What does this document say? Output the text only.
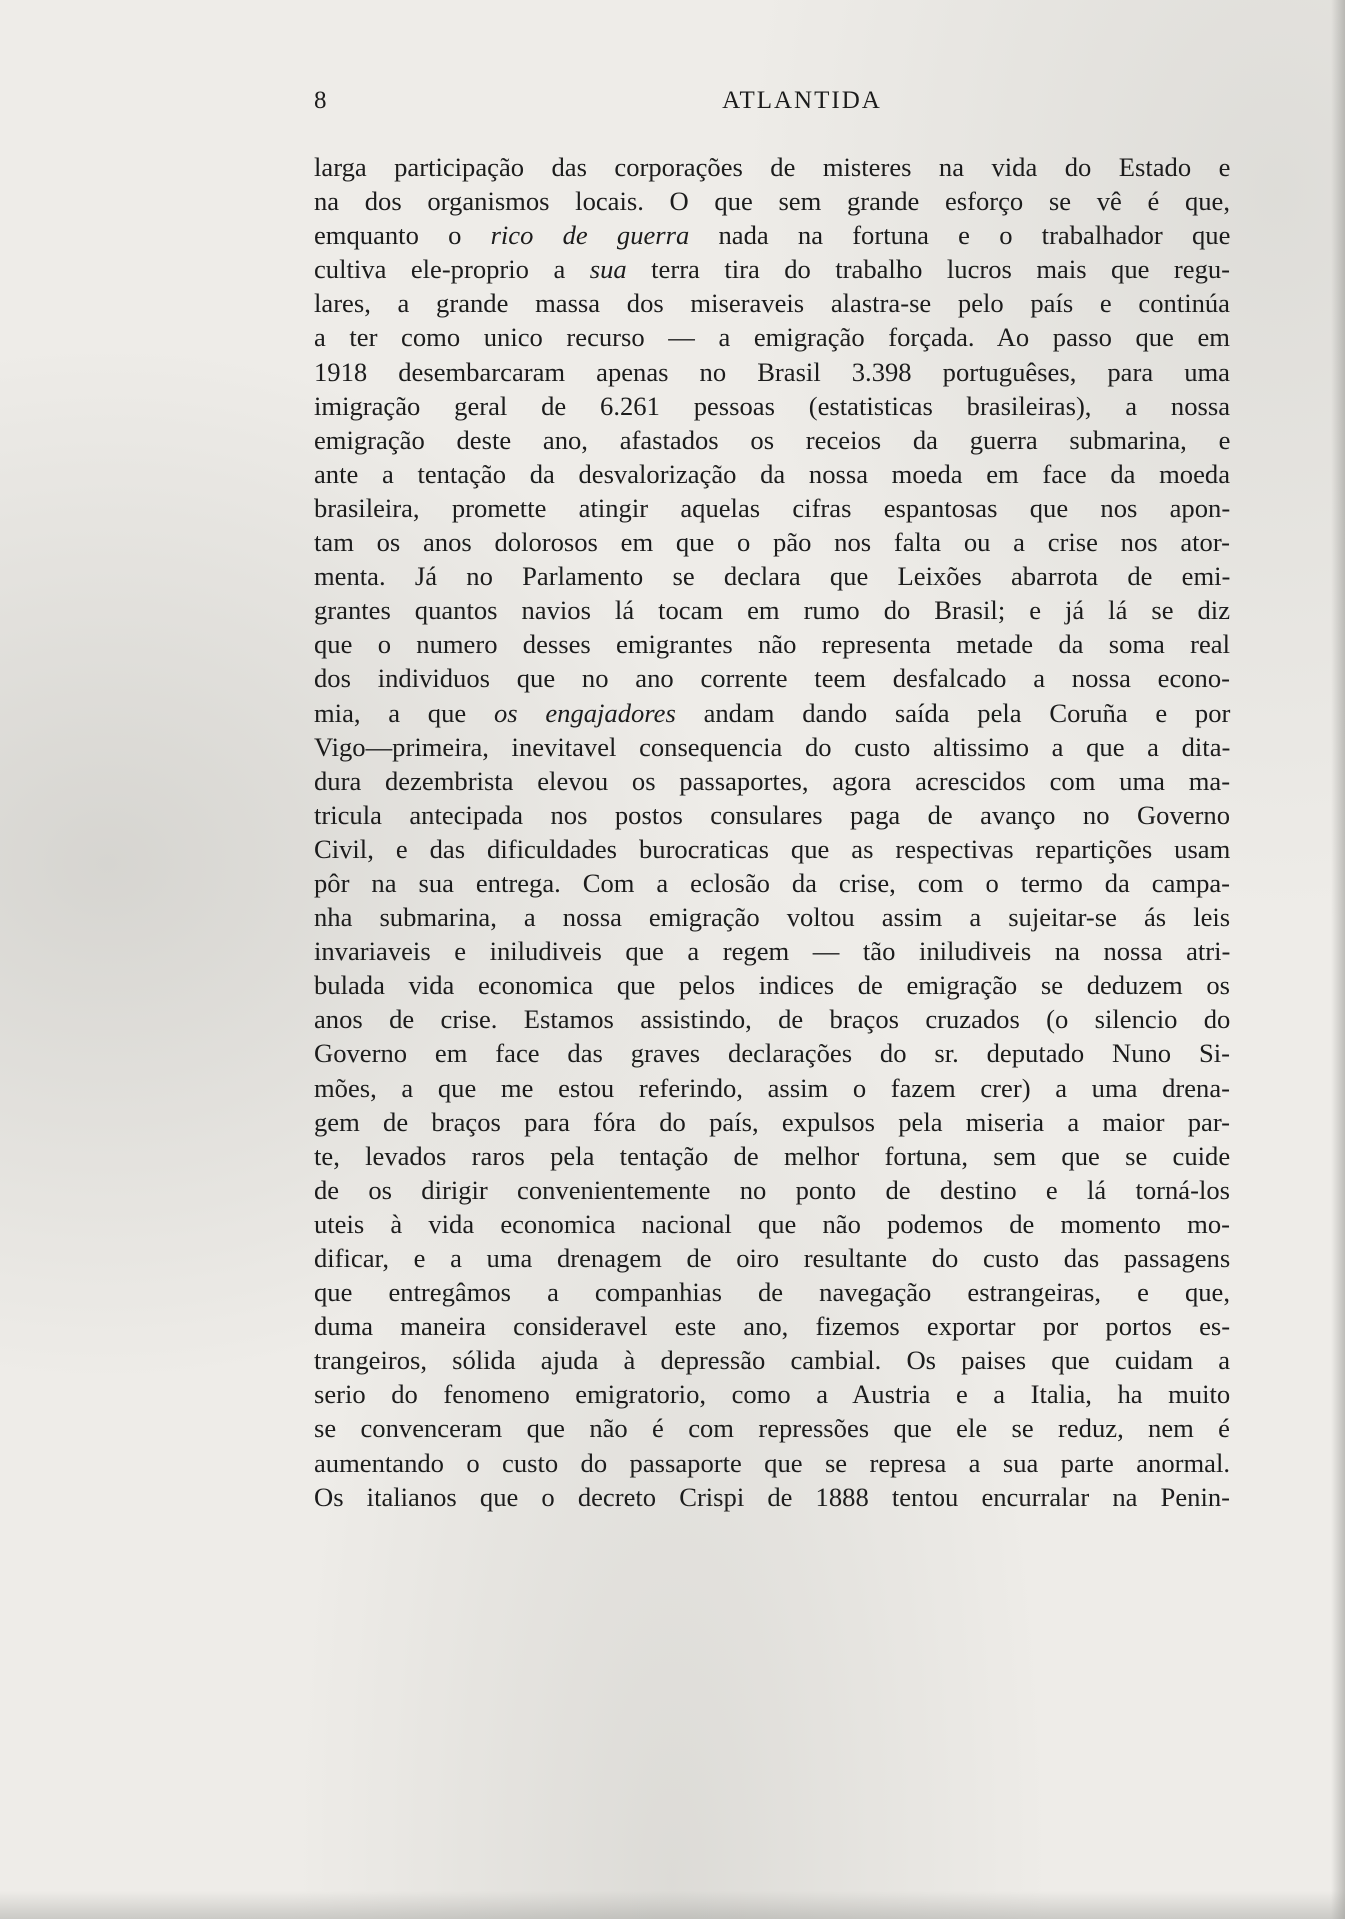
8	ATLANTIDA
larga participação das corporações de misteres na vida do Estado e
na dos organismos locais. O que sem grande esforço se vê é que,
emquanto o rico de guerra nada na fortuna e o trabalhador que
cultiva ele-proprio a sua terra tira do trabalho lucros mais que regu-
lares, a grande massa dos miseraveis alastra-se pelo país e continúa
a ter como unico recurso — a emigração forçada. Ao passo que em
1918 desembarcaram apenas no Brasil 3.398 portuguêses, para uma
imigração geral de 6.261 pessoas (estatisticas brasileiras), a nossa
emigração deste ano, afastados os receios da guerra submarina, e
ante a tentação da desvalorização da nossa moeda em face da moeda
brasileira, promette atingir aquelas cifras espantosas que nos apon-
tam os anos dolorosos em que o pão nos falta ou a crise nos ator-
menta. Já no Parlamento se declara que Leixões abarrota de emi-
grantes quantos navios lá tocam em rumo do Brasil; e já lá se diz
que o numero desses emigrantes não representa metade da soma real
dos individuos que no ano corrente teem desfalcado a nossa econo-
mia, a que os engajadores andam dando saída pela Coruña e por
Vigo—primeira, inevitavel consequencia do custo altissimo a que a dita-
dura dezembrista elevou os passaportes, agora acrescidos com uma ma-
tricula antecipada nos postos consulares paga de avanço no Governo
Civil, e das dificuldades burocraticas que as respectivas repartições usam
pôr na sua entrega. Com a eclosão da crise, com o termo da campa-
nha submarina, a nossa emigração voltou assim a sujeitar-se ás leis
invariaveis e iniludiveis que a regem — tão iniludiveis na nossa atri-
bulada vida economica que pelos indices de emigração se deduzem os
anos de crise. Estamos assistindo, de braços cruzados (o silencio do
Governo em face das graves declarações do sr. deputado Nuno Si-
mões, a que me estou referindo, assim o fazem crer) a uma drena-
gem de braços para fóra do país, expulsos pela miseria a maior par-
te, levados raros pela tentação de melhor fortuna, sem que se cuide
de os dirigir convenientemente no ponto de destino e lá torná-los
uteis à vida economica nacional que não podemos de momento mo-
dificar, e a uma drenagem de oiro resultante do custo das passagens
que entregâmos a companhias de navegação estrangeiras, e que,
duma maneira consideravel este ano, fizemos exportar por portos es-
trangeiros, sólida ajuda à depressão cambial. Os paises que cuidam a
serio do fenomeno emigratorio, como a Austria e a Italia, ha muito
se convenceram que não é com repressões que ele se reduz, nem é
aumentando o custo do passaporte que se represa a sua parte anormal.
Os italianos que o decreto Crispi de 1888 tentou encurralar na Penin-
